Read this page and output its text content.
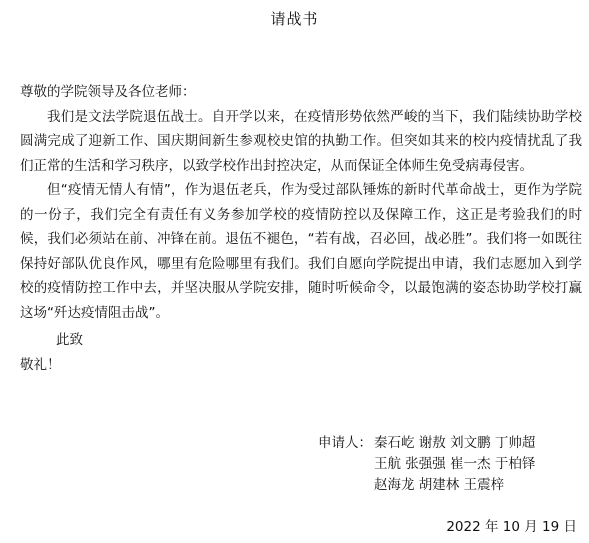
请战书

尊敬的学院领导及各位老师：

我们是文法学院退伍战士。自开学以来，在疫情形势依然严峻的当下，我们陆续协助学校圆满完成了迎新工作、国庆期间新生参观校史馆的执勤工作。但突如其来的校内疫情扰乱了我们正常的生活和学习秩序，以致学校作出封控决定，从而保证全体师生免受病毒侵害。

但“疫情无情人有情”，作为退伍老兵，作为受过部队锤炼的新时代革命战士，更作为学院的一份子，我们完全有责任有义务参加学校的疫情防控以及保障工作，这正是考验我们的时候，我们必须站在前、冲锋在前。退伍不褪色，“若有战，召必回，战必胜”。我们将一如既往保持好部队优良作风，哪里有危险哪里有我们。我们自愿向学院提出申请，我们志愿加入到学校的疫情防控工作中去，并坚决服从学院安排，随时听候命令，以最饱满的姿态协助学校打赢这场“歼达疫情阻击战”。

此致
敬礼！
申请人： 秦石屹 谢敖 刘文鹏 丁帅超
王航 张强强 崔一杰 于柏铎
赵海龙 胡建林 王震梓
2022 年 10 月 19 日
